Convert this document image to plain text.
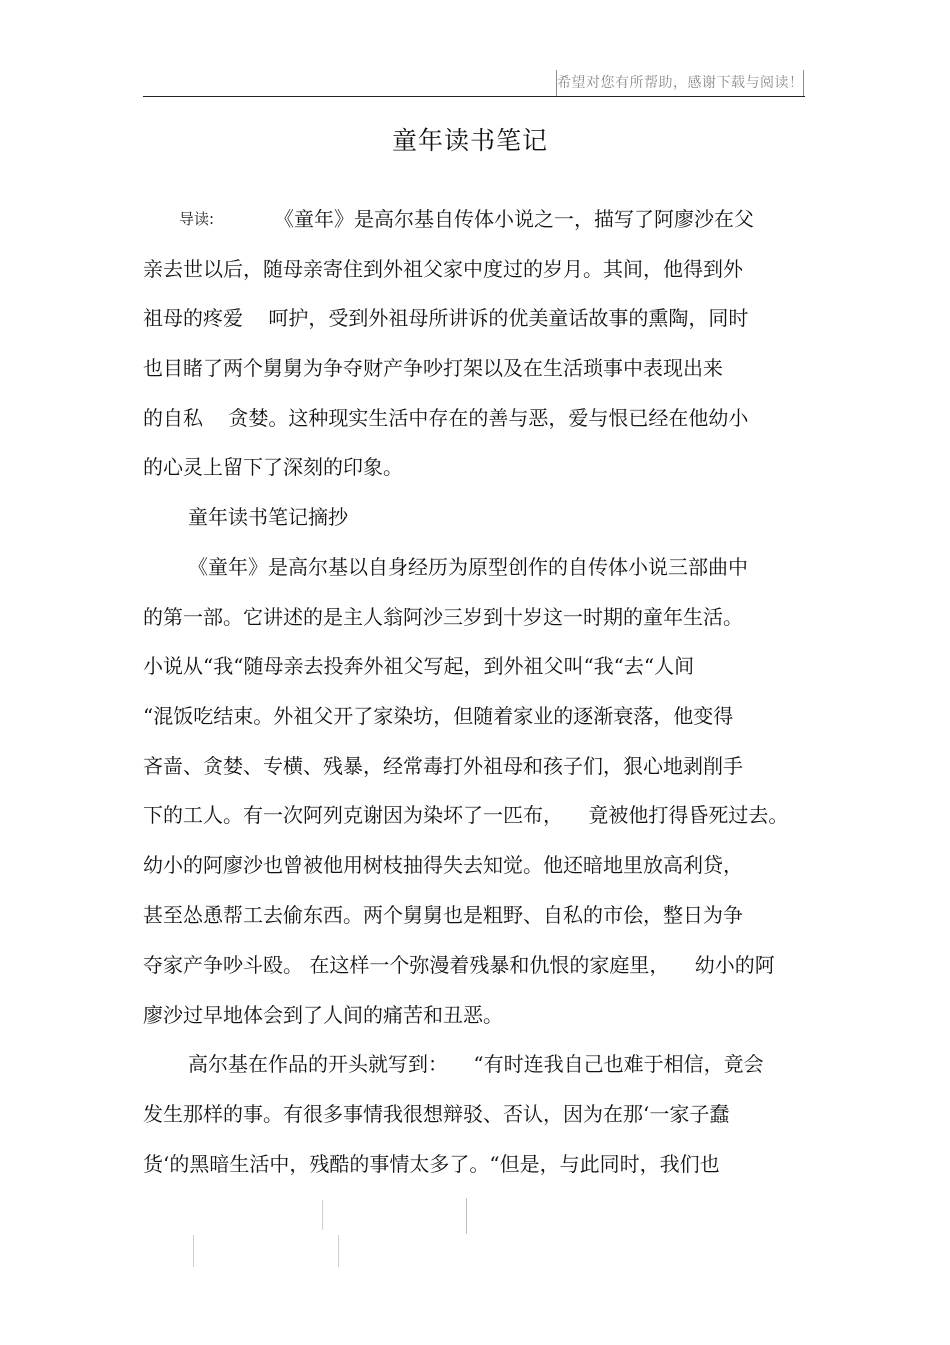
希望对您有所帮助，感谢下载与阅读！
童年读书笔记
导读:	《童年》是高尔基自传体小说之一，描写了阿廖沙在父
亲去世以后，随母亲寄住到外祖父家中度过的岁月。其间，他得到外
祖母的疼爱    呵护，受到外祖母所讲诉的优美童话故事的熏陶，同时
也目睹了两个舅舅为争夺财产争吵打架以及在生活琐事中表现出来
的自私    贪婪。这种现实生活中存在的善与恶，爱与恨已经在他幼小
的心灵上留下了深刻的印象。
童年读书笔记摘抄
《童年》是高尔基以自身经历为原型创作的自传体小说三部曲中
的第一部。它讲述的是主人翁阿沙三岁到十岁这一时期的童年生活。
小说从“我“随母亲去投奔外祖父写起，到外祖父叫“我“去“人间
“混饭吃结束。外祖父开了家染坊，但随着家业的逐渐衰落，他变得
吝啬、贪婪、专横、残暴，经常毒打外祖母和孩子们，狠心地剥削手
下的工人。有一次阿列克谢因为染坏了一匹布，    竟被他打得昏死过去。
幼小的阿廖沙也曾被他用树枝抽得失去知觉。他还暗地里放高利贷，
甚至怂恿帮工去偷东西。两个舅舅也是粗野、自私的市侩，整日为争
夺家产争吵斗殴。 在这样一个弥漫着残暴和仇恨的家庭里，    幼小的阿
廖沙过早地体会到了人间的痛苦和丑恶。
高尔基在作品的开头就写到：    “有时连我自己也难于相信，竟会
发生那样的事。有很多事情我很想辩驳、否认，因为在那‘一家子蠢
货‘的黑暗生活中，残酷的事情太多了。“但是，与此同时，我们也
